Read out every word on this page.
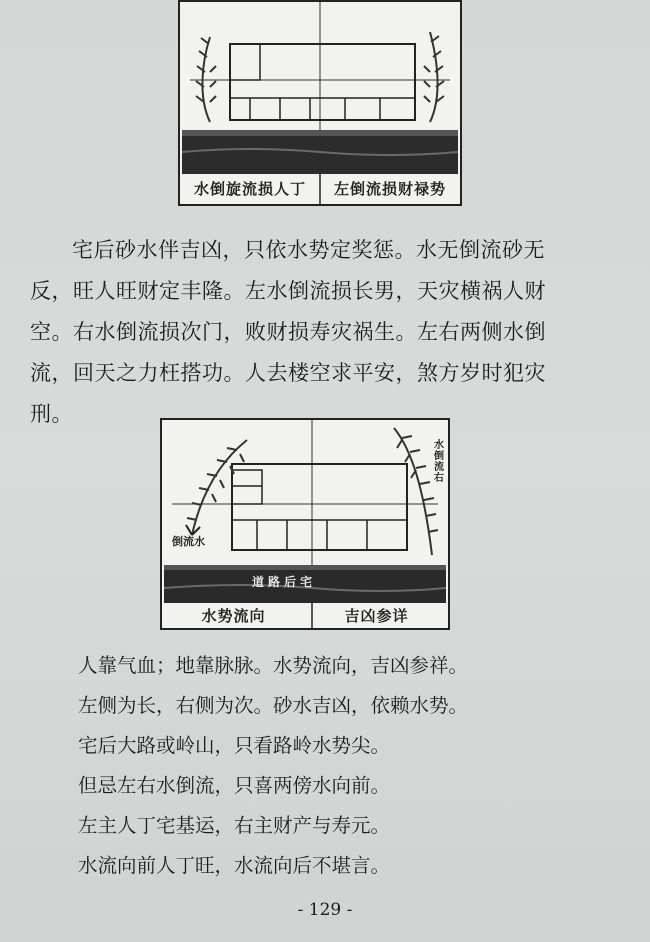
水倒旋流损人丁	左倒流损财禄势
宅后砂水伴吉凶，只依水势定奖惩。水无倒流砂无
反，旺人旺财定丰隆。左水倒流损长男，天灾横祸人财
空。右水倒流损次门，败财损寿灾祸生。左右两侧水倒
流，回天之力枉搭功。人去楼空求平安，煞方岁时犯灾
刑。
倒流水
水倒流右
道路后宅
水势流向	吉凶参详
人靠气血；地靠脉脉。水势流向，吉凶参祥。
左侧为长，右侧为次。砂水吉凶，依赖水势。
宅后大路或岭山，只看路岭水势尖。
但忌左右水倒流，只喜两傍水向前。
左主人丁宅基运，右主财产与寿元。
水流向前人丁旺，水流向后不堪言。
- 129 -
